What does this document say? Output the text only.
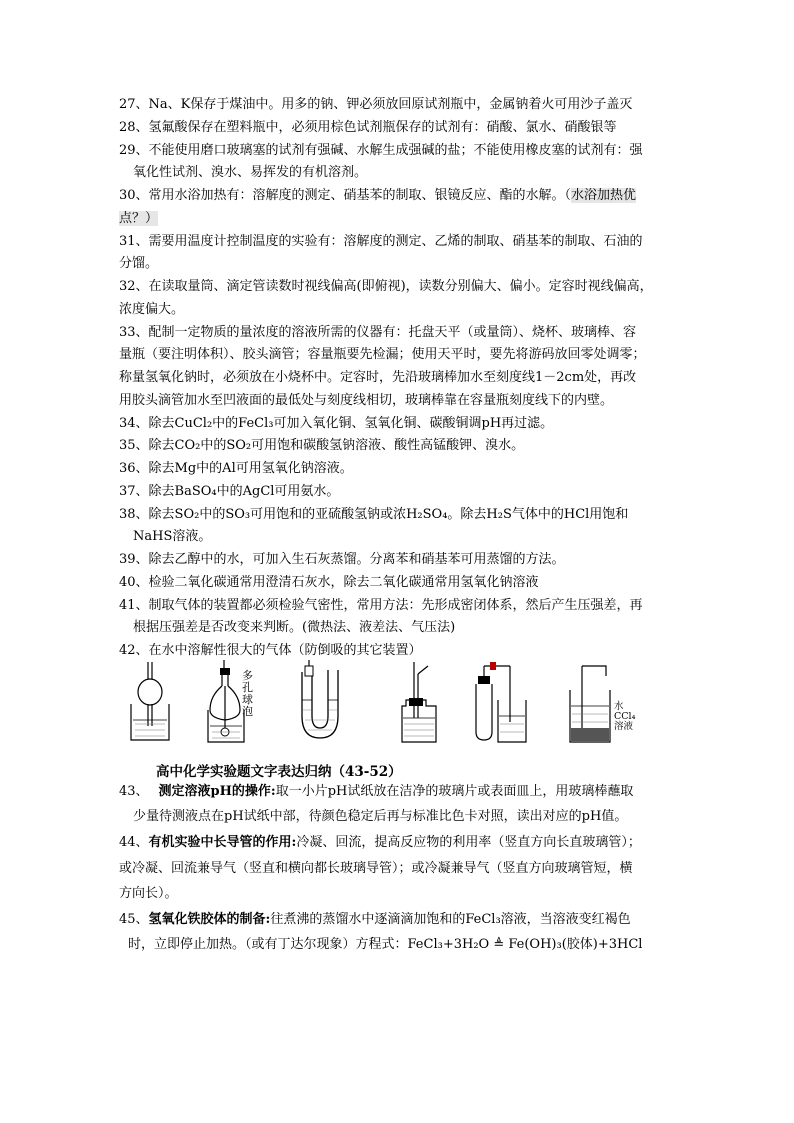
27、Na、K保存于煤油中。用多的钠、钾必须放回原试剂瓶中，金属钠着火可用沙子盖灭
28、氢氟酸保存在塑料瓶中，必须用棕色试剂瓶保存的试剂有：硝酸、氯水、硝酸银等
29、不能使用磨口玻璃塞的试剂有强碱、水解生成强碱的盐；不能使用橡皮塞的试剂有：强
氧化性试剂、溴水、易挥发的有机溶剂。
30、常用水浴加热有：溶解度的测定、硝基苯的制取、银镜反应、酯的水解。（水浴加热优
点？）
31、需要用温度计控制温度的实验有：溶解度的测定、乙烯的制取、硝基苯的制取、石油的
分馏。
32、在读取量筒、滴定管读数时视线偏高(即俯视)，读数分别偏大、偏小。定容时视线偏高，
浓度偏大。
33、配制一定物质的量浓度的溶液所需的仪器有：托盘天平（或量筒）、烧杯、玻璃棒、容
量瓶（要注明体积）、胶头滴管；容量瓶要先检漏；使用天平时，要先将游码放回零处调零；
称量氢氧化钠时，必须放在小烧杯中。定容时，先沿玻璃棒加水至刻度线1－2cm处，再改
用胶头滴管加水至凹液面的最低处与刻度线相切，玻璃棒靠在容量瓶刻度线下的内壁。
34、除去CuCl₂中的FeCl₃可加入氧化铜、氢氧化铜、碳酸铜调pH再过滤。
35、除去CO₂中的SO₂可用饱和碳酸氢钠溶液、酸性高锰酸钾、溴水。
36、除去Mg中的Al可用氢氧化钠溶液。
37、除去BaSO₄中的AgCl可用氨水。
38、除去SO₂中的SO₃可用饱和的亚硫酸氢钠或浓H₂SO₄。除去H₂S气体中的HCl用饱和
NaHS溶液。
39、除去乙醇中的水，可加入生石灰蒸馏。分离苯和硝基苯可用蒸馏的方法。
40、检验二氧化碳通常用澄清石灰水，除去二氧化碳通常用氢氧化钠溶液
41、制取气体的装置都必须检验气密性，常用方法：先形成密闭体系，然后产生压强差，再
根据压强差是否改变来判断。(微热法、液差法、气压法)
42、在水中溶解性很大的气体（防倒吸的其它装置）
多
孔
球
泡	水
CCl₄
溶液
高中化学实验题文字表达归纳（43-52）
43、 测定溶液pH的操作:取一小片pH试纸放在洁净的玻璃片或表面皿上，用玻璃棒蘸取
少量待测液点在pH试纸中部，待颜色稳定后再与标准比色卡对照，读出对应的pH值。
44、有机实验中长导管的作用:冷凝、回流，提高反应物的利用率（竖直方向长直玻璃管）；
或冷凝、回流兼导气（竖直和横向都长玻璃导管）；或冷凝兼导气（竖直方向玻璃管短，横
方向长）。
45、氢氧化铁胶体的制备:往煮沸的蒸馏水中逐滴滴加饱和的FeCl₃溶液，当溶液变红褐色
时，立即停止加热。（或有丁达尔现象）方程式：FeCl₃+3H₂O ≜ Fe(OH)₃(胶体)+3HCl
